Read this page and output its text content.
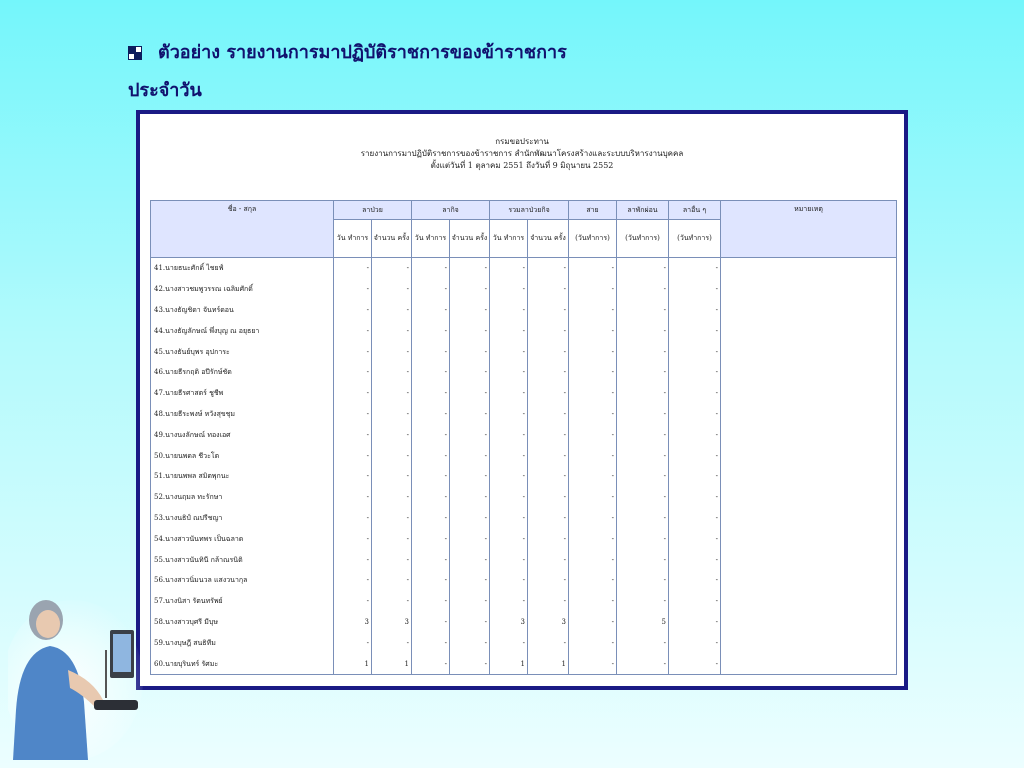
ตัวอย่าง รายงานการมาปฏิบัติราชการของข้าราชการ
ประจำวัน
กรมขอประทาน
รายงานการมาปฏิบัติราชการของข้าราชการ สำนักพัฒนาโครงสร้างและระบบบริหารงานบุคคล
ตั้งแต่วันที่ 1 ตุลาคม 2551 ถึงวันที่ 9 มิถุนายน 2552
ชื่อ - สกุล	ลาป่วย		ลากิจ		รวมลาป่วยกิจ		สาย	ลาพักผ่อน	ลาอื่น ๆ	หมายเหตุ
	วัน ทำการ	จำนวน ครั้ง	วัน ทำการ	จำนวน ครั้ง	วัน ทำการ	จำนวน ครั้ง	(วันทำการ)	(วันทำการ)	(วันทำการ)	
41.นายธนะศักดิ์ ไชยฟ์	-	-	-	-	-	-	-	-	-	
42.นางสาวชมพูวรรณ เฉลิมศักดิ์	-	-	-	-	-	-	-	-	-	
43.นางธัญชิดา จันทร์ดอน	-	-	-	-	-	-	-	-	-	
44.นางธัญลักษณ์ พึ่งบุญ ณ อยุธยา	-	-	-	-	-	-	-	-	-	
45.นางธันย์บุพร อุปการะ	-	-	-	-	-	-	-	-	-	
46.นายธีรกฤติ อปีรักษ์ชัด	-	-	-	-	-	-	-	-	-	
47.นายธีรศาสตร์ ชูชีพ	-	-	-	-	-	-	-	-	-	
48.นายธีระพงษ์ หวังสุขชุม	-	-	-	-	-	-	-	-	-	
49.นางนงลักษณ์ ทองเอศ	-	-	-	-	-	-	-	-	-	
50.นายนพดล ชีวะโต	-	-	-	-	-	-	-	-	-	
51.นายนพพล สมิตพุกนะ	-	-	-	-	-	-	-	-	-	
52.นางนฤมล ทะรักษา	-	-	-	-	-	-	-	-	-	
53.นางนธิป์ ณปรีชญา	-	-	-	-	-	-	-	-	-	
54.นางสาวนันทพร เป็นฉลาด	-	-	-	-	-	-	-	-	-	
55.นางสาวนันทินี กล้าณรนิติ	-	-	-	-	-	-	-	-	-	
56.นางสาวนิ่มนวล แสงวนากุล	-	-	-	-	-	-	-	-	-	
57.นางนิสา รัตนทรัพย์	-	-	-	-	-	-	-	-	-	
58.นางสาวบุศรี มีบุษ	3	3	-	-	3	3	-	5	-	
59.นางบุษฎี สนธิทีม	-	-	-	-	-	-	-	-	-	
60.นายบุรินทร์ รัศมะ	1	1	-	-	1	1	-	-	-	
